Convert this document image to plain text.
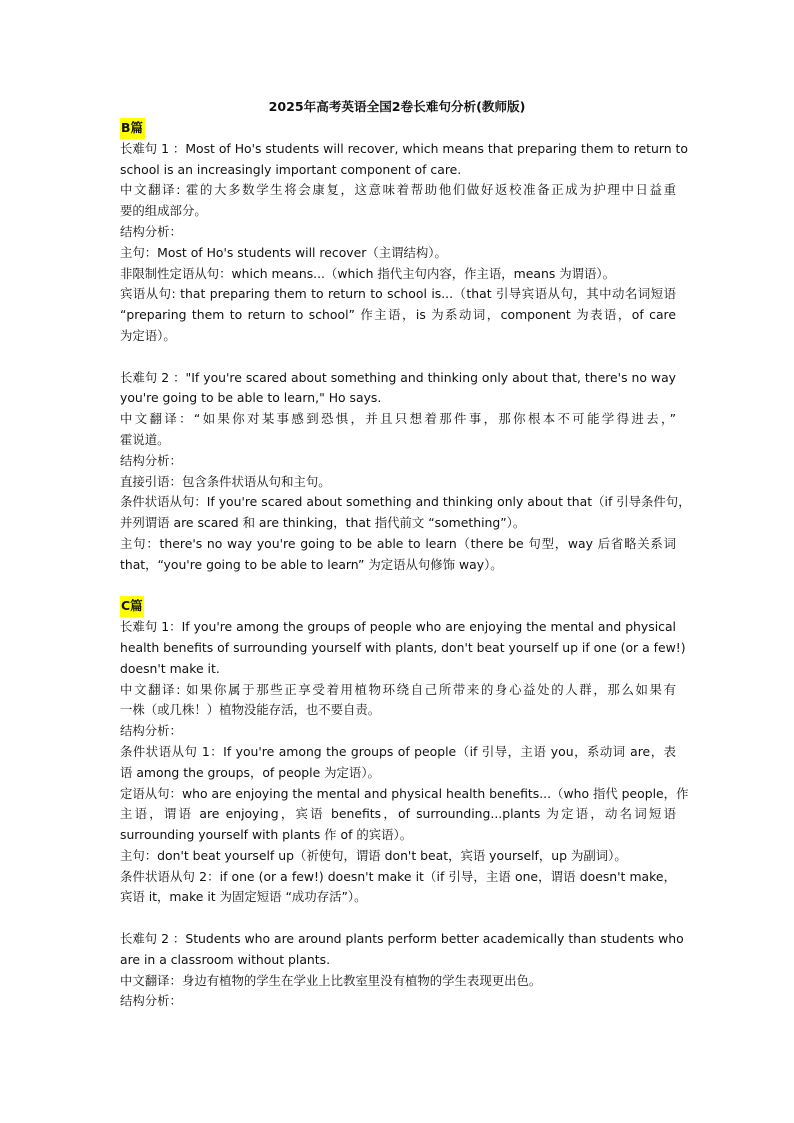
2025年高考英语全国2卷长难句分析(教师版)
B篇
长难句 1 ：Most of Ho's students will recover, which means that preparing them to return to
school is an increasingly important component of care.
中文翻译: 霍的大多数学生将会康复，这意味着帮助他们做好返校准备正成为护理中日益重
要的组成部分。
结构分析：
主句：Most of Ho's students will recover（主谓结构）。
非限制性定语从句：which means...（which 指代主句内容，作主语，means 为谓语）。
宾语从句: that preparing them to return to school is...（that 引导宾语从句，其中动名词短语
“preparing them to return to school” 作主语，is 为系动词，component 为表语，of care
为定语）。
长难句 2 ："If you're scared about something and thinking only about that, there's no way
you're going to be able to learn," Ho says.
中文翻译：“如果你对某事感到恐惧，并且只想着那件事，那你根本不可能学得进去，”
霍说道。
结构分析：
直接引语：包含条件状语从句和主句。
条件状语从句：If you're scared about something and thinking only about that（if 引导条件句，
并列谓语 are scared 和 are thinking，that 指代前文 “something”）。
主句：there's no way you're going to be able to learn（there be 句型，way 后省略关系词
that，“you're going to be able to learn” 为定语从句修饰 way）。
C篇
长难句 1：If you're among the groups of people who are enjoying the mental and physical
health benefits of surrounding yourself with plants, don't beat yourself up if one (or a few!)
doesn't make it.
中文翻译: 如果你属于那些正享受着用植物环绕自己所带来的身心益处的人群，那么如果有
一株（或几株！）植物没能存活，也不要自责。
结构分析：
条件状语从句 1：If you're among the groups of people（if 引导，主语 you，系动词 are，表
语 among the groups，of people 为定语）。
定语从句：who are enjoying the mental and physical health benefits...（who 指代 people，作
主语，谓语 are enjoying，宾语 benefits，of surrounding...plants 为定语，动名词短语
surrounding yourself with plants 作 of 的宾语）。
主句：don't beat yourself up（祈使句，谓语 don't beat，宾语 yourself，up 为副词）。
条件状语从句 2：if one (or a few!) doesn't make it（if 引导，主语 one，谓语 doesn't make，
宾语 it，make it 为固定短语 “成功存活”）。
长难句 2 ：Students who are around plants perform better academically than students who
are in a classroom without plants.
中文翻译：身边有植物的学生在学业上比教室里没有植物的学生表现更出色。
结构分析：
